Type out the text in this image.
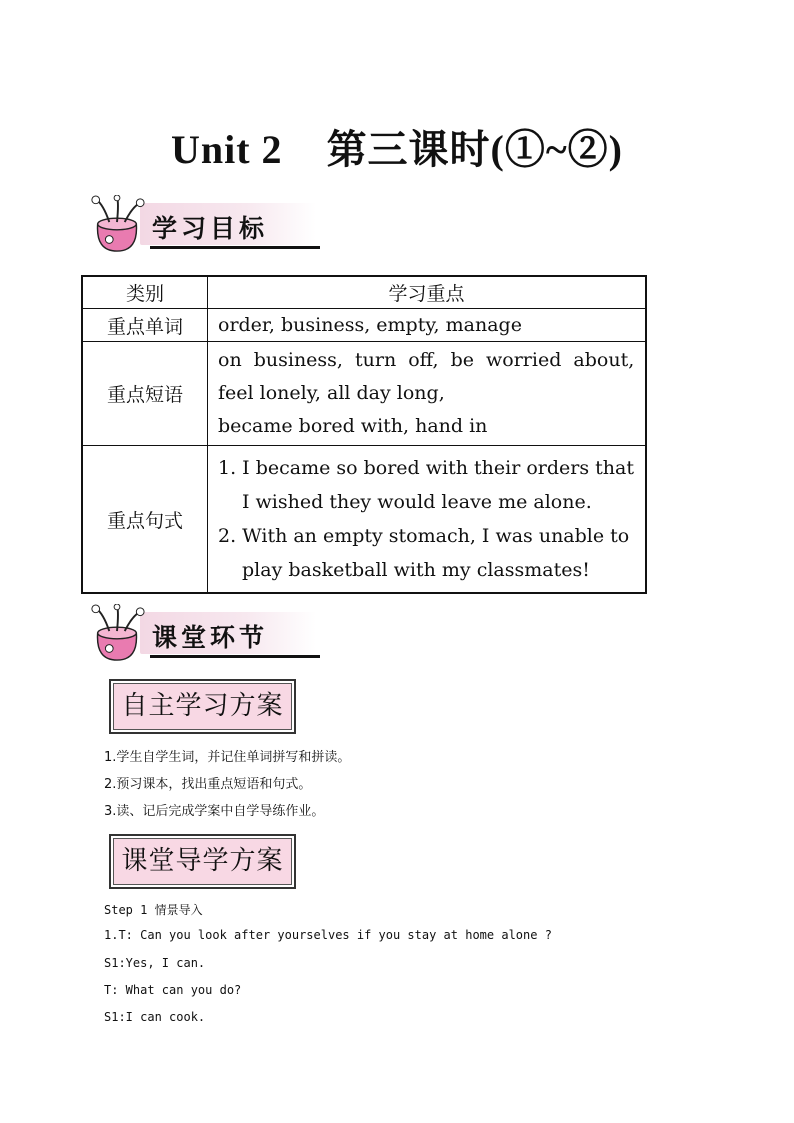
Unit 2 第三课时(①~②)
学习目标
类别	学习重点
重点单词	order, business, empty, manage
重点短语	on business, turn off, be worried about,
feel lonely, all day long,
became bored with, hand in

重点句式	1. I became so bored with their orders that I wished they would leave me alone.
2. With an empty stomach, I was unable to play basketball with my classmates!
课堂环节
自主学习方案
1.学生自学生词，并记住单词拼写和拼读。
2.预习课本，找出重点短语和句式。
3.读、记后完成学案中自学导练作业。
课堂导学方案
Step 1 情景导入
1.T: Can you look after yourselves if you stay at home alone ?
S1:Yes, I can.
T: What can you do?
S1:I can cook.
